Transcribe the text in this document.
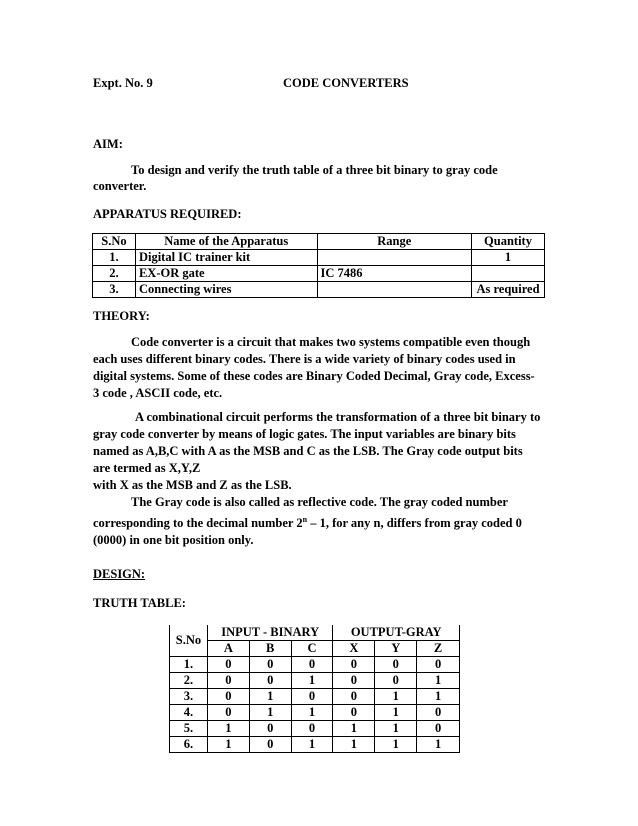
Expt. No. 9	CODE CONVERTERS
AIM:
To design and verify the truth table of a three bit binary to gray code
converter.
APPARATUS REQUIRED:
S.No	Name of the Apparatus	Range	Quantity
1.	Digital IC trainer kit		1
2.	EX-OR gate	IC 7486	
3.	Connecting wires		As required
THEORY:
Code converter is a circuit that makes two systems compatible even though
each uses different binary codes. There is a wide variety of binary codes used in
digital systems. Some of these codes are Binary Coded Decimal, Gray code, Excess-
3 code , ASCII code, etc.
A combinational circuit performs the transformation of a three bit binary to
gray code converter by means of logic gates. The input variables are binary bits
named as A,B,C with A as the MSB and C as the LSB. The Gray code output bits
are termed as X,Y,Z
with X as the MSB and Z as the LSB.
The Gray code is also called as reflective code. The gray coded number
corresponding to the decimal number 2$^n$ – 1, for any n, differs from gray coded 0
(0000) in one bit position only.
DESIGN:
TRUTH TABLE:
S.No	INPUT - BINARY			OUTPUT-GRAY		
	A	B	C	X	Y	Z
1.	0	0	0	0	0	0
2.	0	0	1	0	0	1
3.	0	1	0	0	1	1
4.	0	1	1	0	1	0
5.	1	0	0	1	1	0
6.	1	0	1	1	1	1
